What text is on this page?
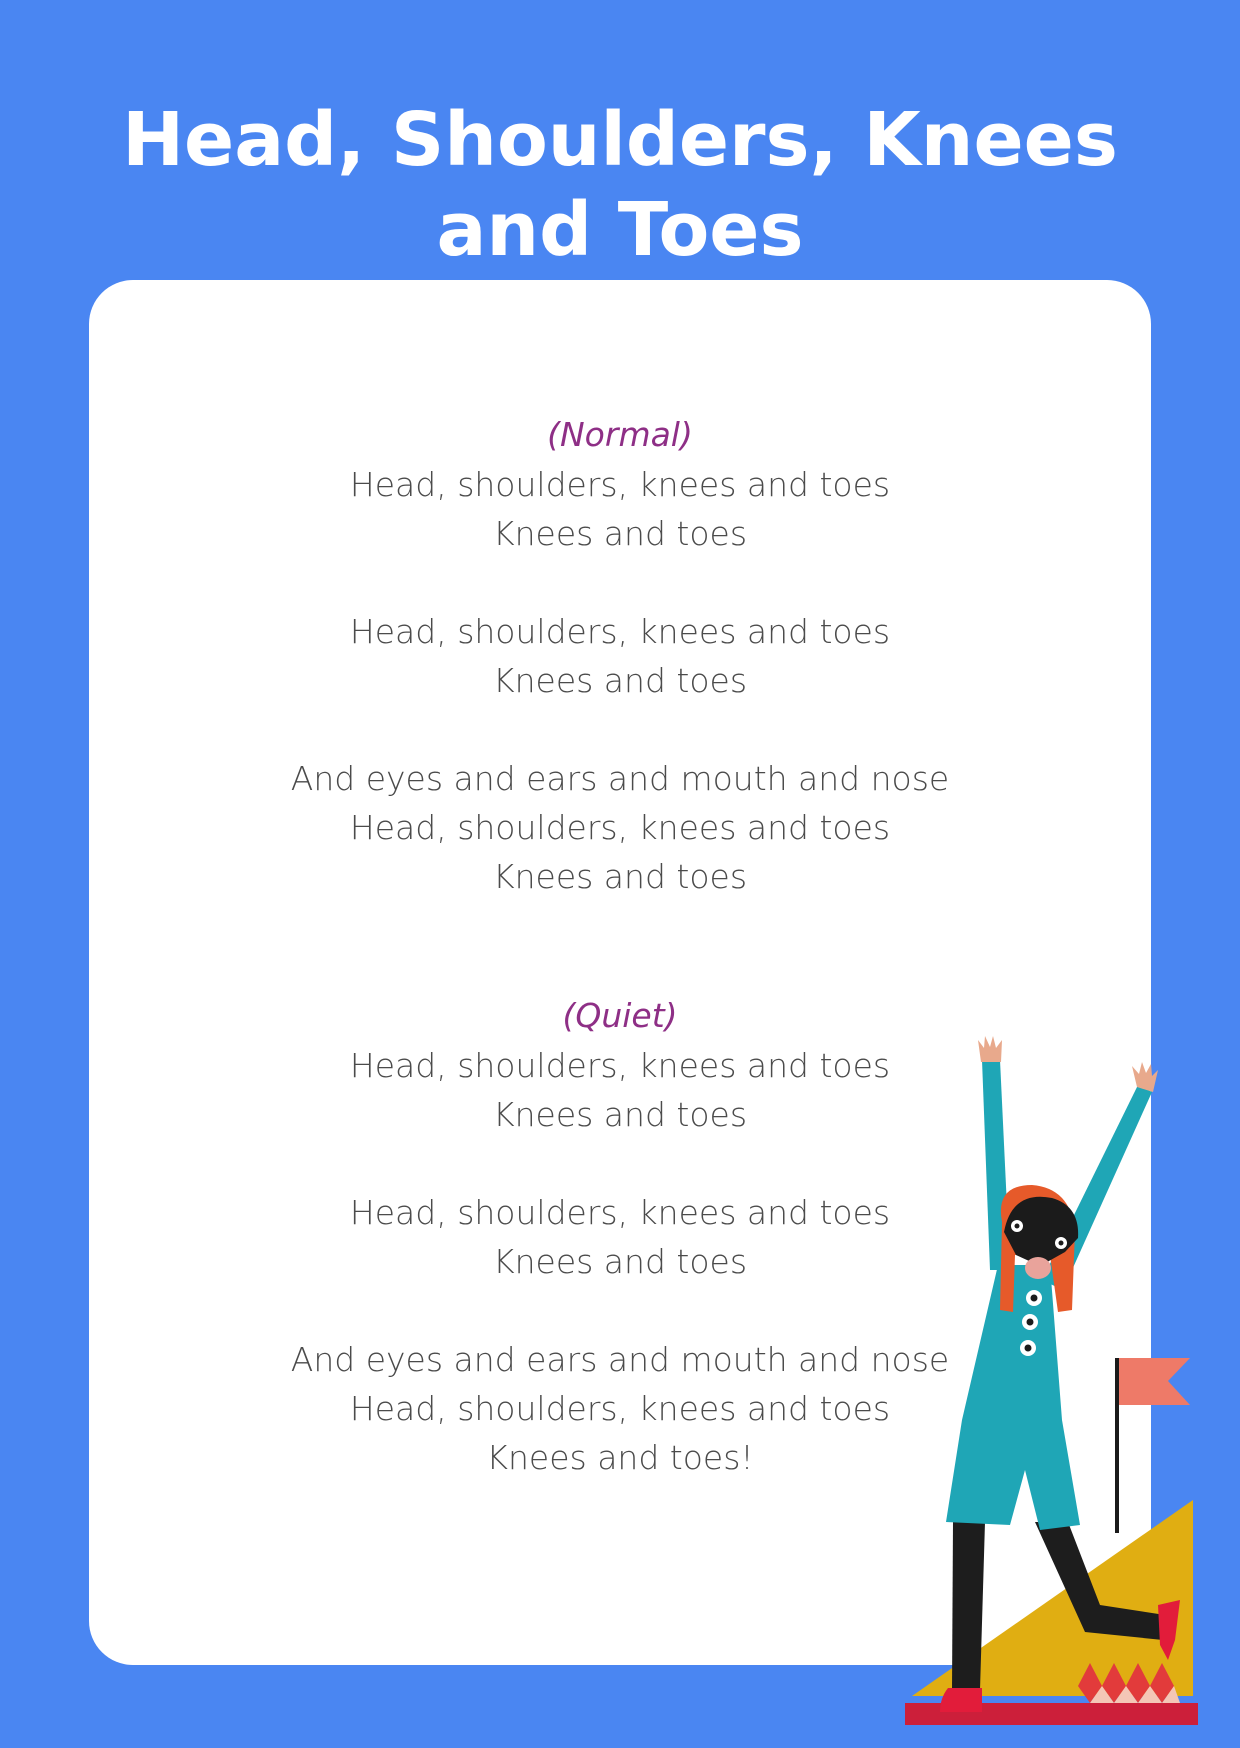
Head, Shoulders, Knees
and Toes
(Normal)
Head, shoulders, knees and toes
Knees and toes
Head, shoulders, knees and toes
Knees and toes
And eyes and ears and mouth and nose
Head, shoulders, knees and toes
Knees and toes
(Quiet)
Head, shoulders, knees and toes
Knees and toes
Head, shoulders, knees and toes
Knees and toes
And eyes and ears and mouth and nose
Head, shoulders, knees and toes
Knees and toes!
